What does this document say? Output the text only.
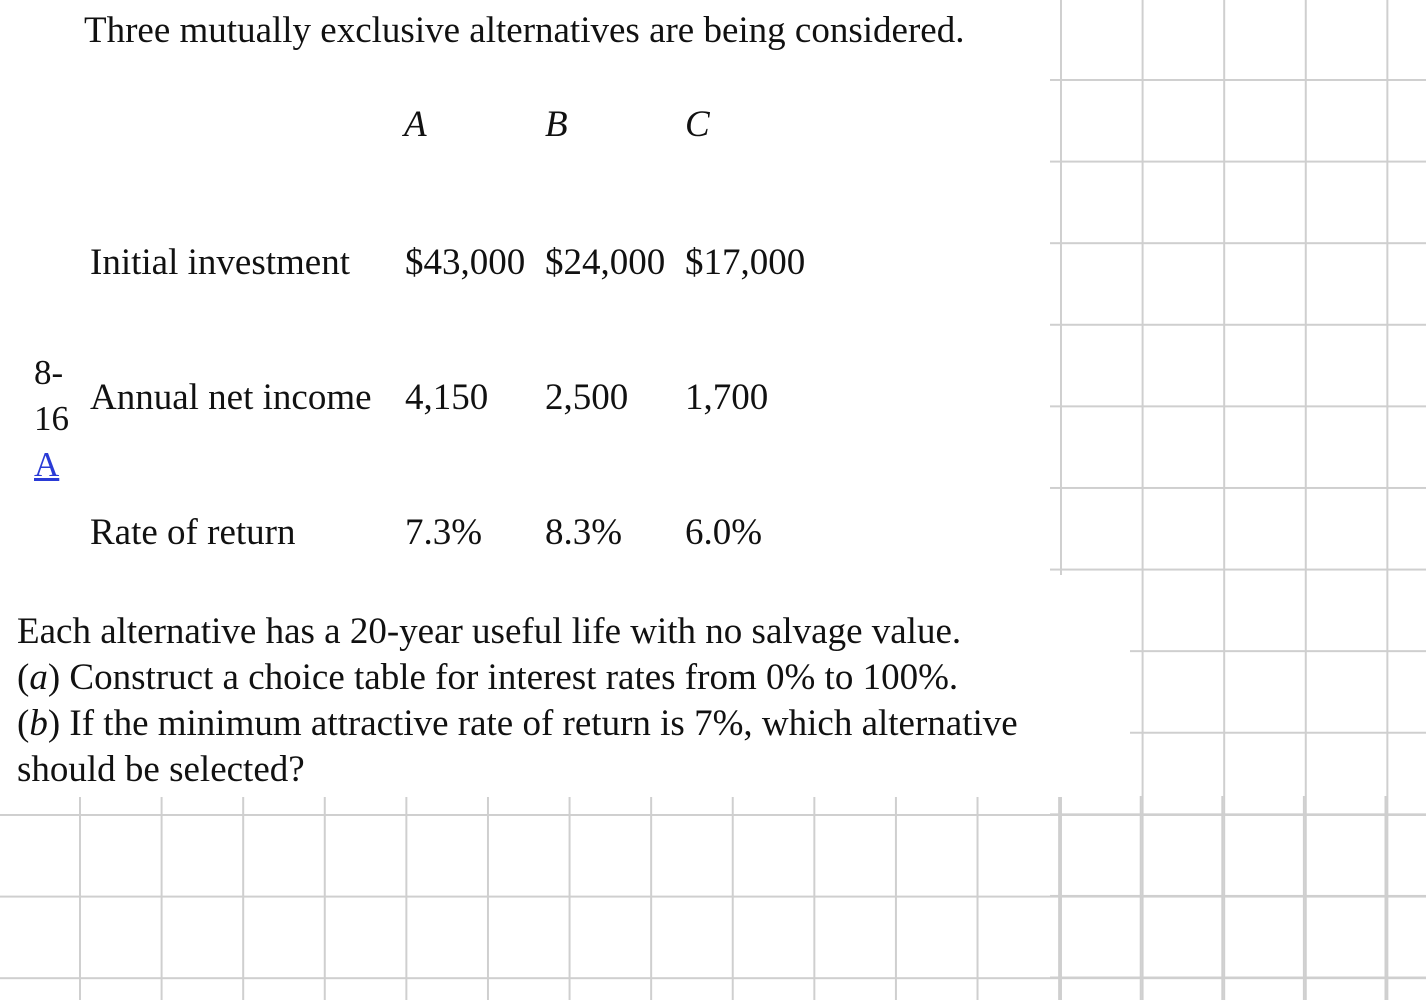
Three mutually exclusive alternatives are being considered.
A	B	C
Initial investment $43,000 $24,000 $17,000
Annual net income 4,150 2,500 1,700
Rate of return	7.3% 8.3% 6.0%
8-
16
A
Each alternative has a 20-year useful life with no salvage value.
(a) Construct a choice table for interest rates from 0% to 100%.
(b) If the minimum attractive rate of return is 7%, which alternative
should be selected?
